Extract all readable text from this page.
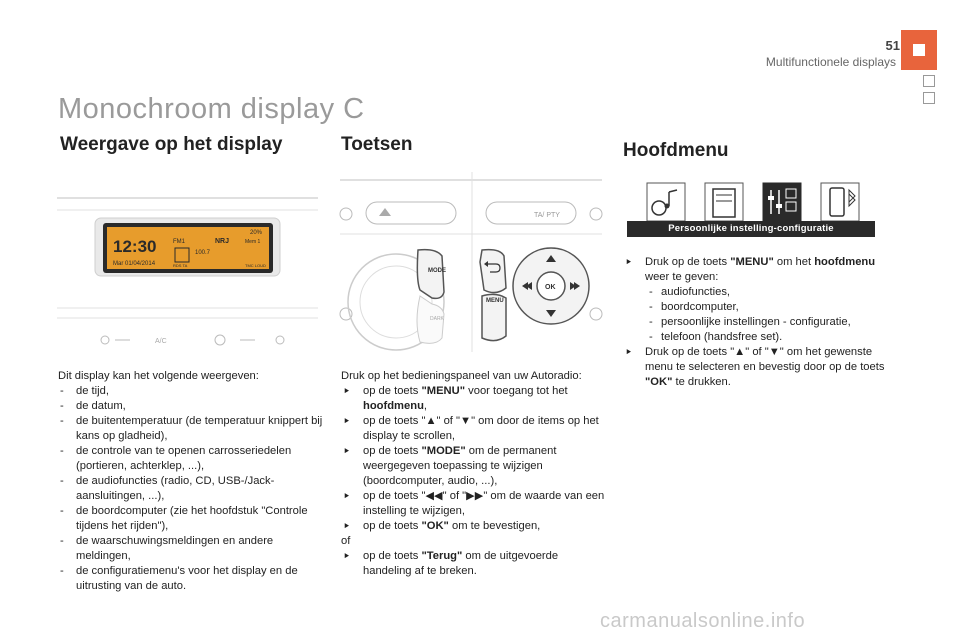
51
Multifunctionele displays
Monochroom display C
Weergave op het display
12:30
Mar 01/04/2014
FM1	NRJ	Mem 1
20%
100.7
RDS TA	TMC LOUD
A/C
Dit display kan het volgende weergeven:
- de tijd,
- de datum,
- de buitentemperatuur (de temperatuur knippert bij kans op gladheid),
- de controle van te openen carrosseriedelen (portieren, achterklep, ...),
- de audiofuncties (radio, CD, USB-/Jack-aansluitingen, ...),
- de boordcomputer (zie het hoofdstuk "Controle tijdens het rijden"),
- de waarschuwingsmeldingen en andere meldingen,
- de configuratiemenu's voor het display en de uitrusting van de auto.
Toetsen
TA/ PTY
MODE
DARK
MENU
OK
Druk op het bedieningspaneel van uw Autoradio:
⯈ op de toets "MENU" voor toegang tot het hoofdmenu,
⯈ op de toets "▲" of "▼" om door de items op het display te scrollen,
⯈ op de toets "MODE" om de permanent weergegeven toepassing te wijzigen (boordcomputer, audio, ...),
⯈ op de toets "◀◀" of "▶▶" om de waarde van een instelling te wijzigen,
⯈ op de toets "OK" om te bevestigen,
of
⯈ op de toets "Terug" om de uitgevoerde handeling af te breken.
Hoofdmenu
Persoonlijke instelling-configuratie
⯈ Druk op de toets "MENU" om het hoofdmenu weer te geven:
- audiofuncties,
- boordcomputer,
- persoonlijke instellingen - configuratie,
- telefoon (handsfree set).
⯈ Druk op de toets "▲" of "▼" om het gewenste menu te selecteren en bevestig door op de toets "OK" te drukken.
carmanualsonline.info
